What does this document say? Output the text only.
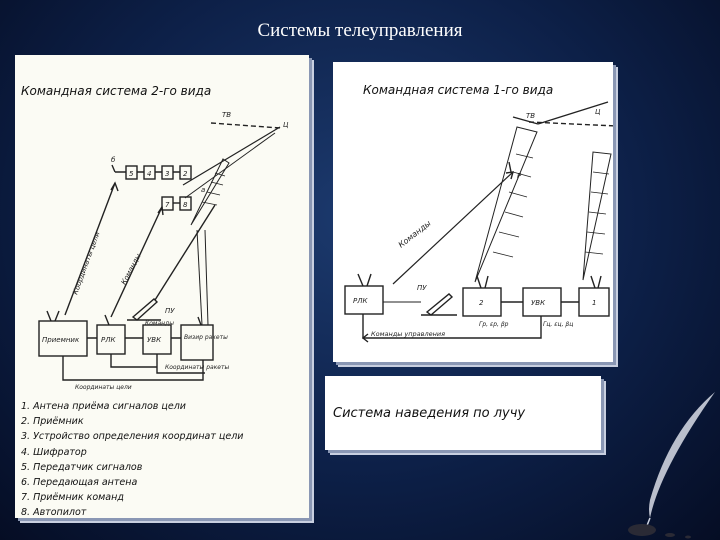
Системы телеуправления
Командная система 2-го вида
ТВ
Ц
б
а
5 4 3 2
7 8
Координаты цели	Команды
Приемник	РЛК	УВК	Визир ракеты
ПУ
Команды
Координаты цели
Координаты ракеты
1. Антена приёма сигналов цели
2. Приёмник
3. Устройство определения координат цели
4. Шифратор
5. Передатчик сигналов
6. Передающая антена
7. Приёмник команд
8. Автопилот
Командная система 1-го вида
ТВ	Ц
Р
Команды
РЛК
ПУ
2	УВК	1
Гр, εр, βр	Гц, εц, βц
Команды управления
Система наведения по лучу
